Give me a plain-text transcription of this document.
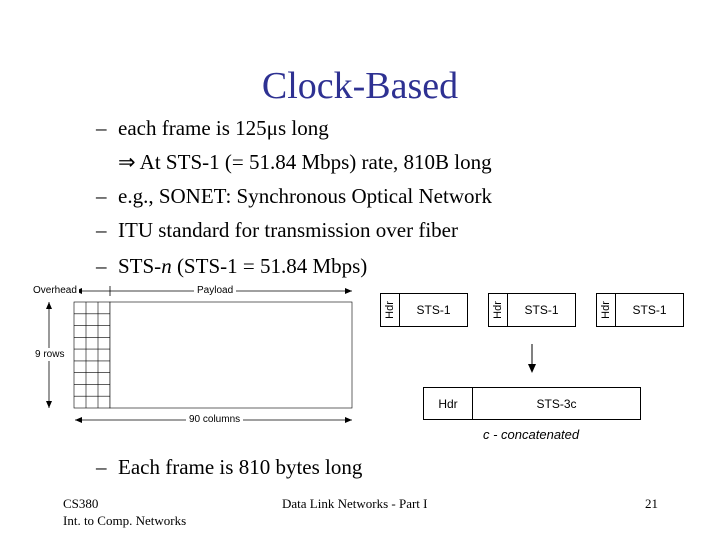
Clock-Based
– each frame is 125μs long
⇒ At STS-1 (= 51.84 Mbps) rate, 810B long
– e.g., SONET: Synchronous Optical Network
– ITU standard for transmission over fiber
– STS-n (STS-1 = 51.84 Mbps)
Overhead	Payload
9 rows
90 columns
Hdr	STS-1	Hdr	STS-1	Hdr	STS-1
Hdr	STS-3c
c - concatenated
– Each frame is 810 bytes long
CS380
Int. to Comp. Networks
Data Link Networks - Part I	21
